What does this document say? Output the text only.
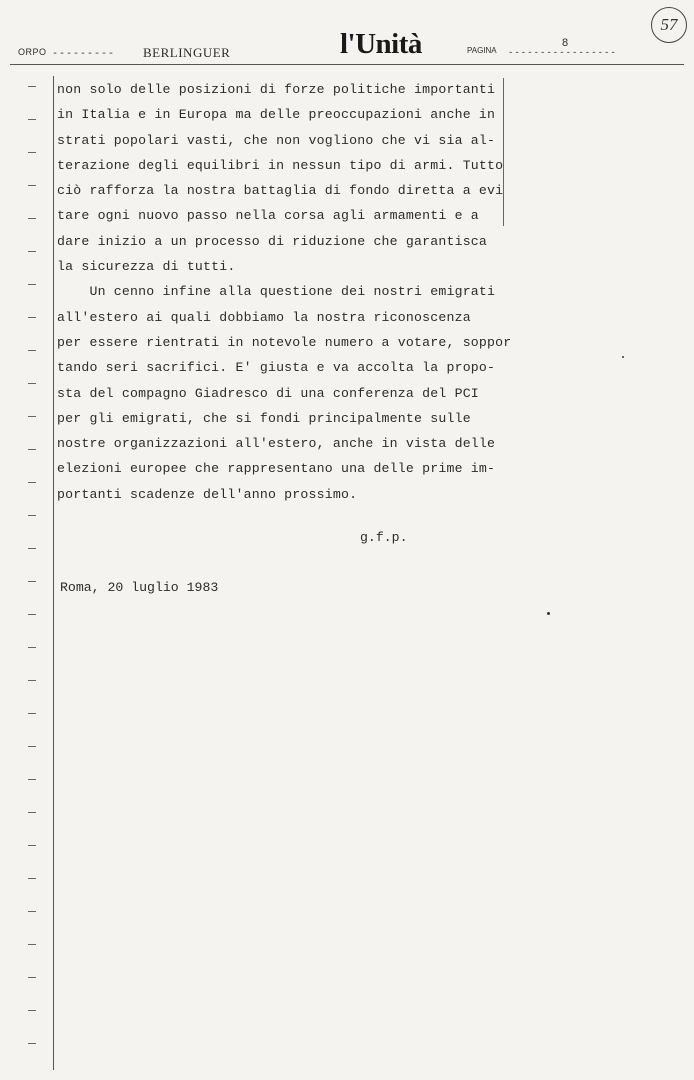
ORPO --------- BERLINGUER	l'Unità	PAGINA -----------------
8
57
non solo delle posizioni di forze politiche importanti
in Italia e in Europa ma delle preoccupazioni anche in
strati popolari vasti, che non vogliono che vi sia al-
terazione degli equilibri in nessun tipo di armi. Tutto
ciò rafforza la nostra battaglia di fondo diretta a evi
tare ogni nuovo passo nella corsa agli armamenti e a
dare inizio a un processo di riduzione che garantisca
la sicurezza di tutti.
Un cenno infine alla questione dei nostri emigrati
all'estero ai quali dobbiamo la nostra riconoscenza
per essere rientrati in notevole numero a votare, soppor
tando seri sacrifici. E' giusta e va accolta la propo-
sta del compagno Giadresco di una conferenza del PCI
per gli emigrati, che si fondi principalmente sulle
nostre organizzazioni all'estero, anche in vista delle
elezioni europee che rappresentano una delle prime im-
portanti scadenze dell'anno prossimo.
g.f.p.
Roma, 20 luglio 1983
